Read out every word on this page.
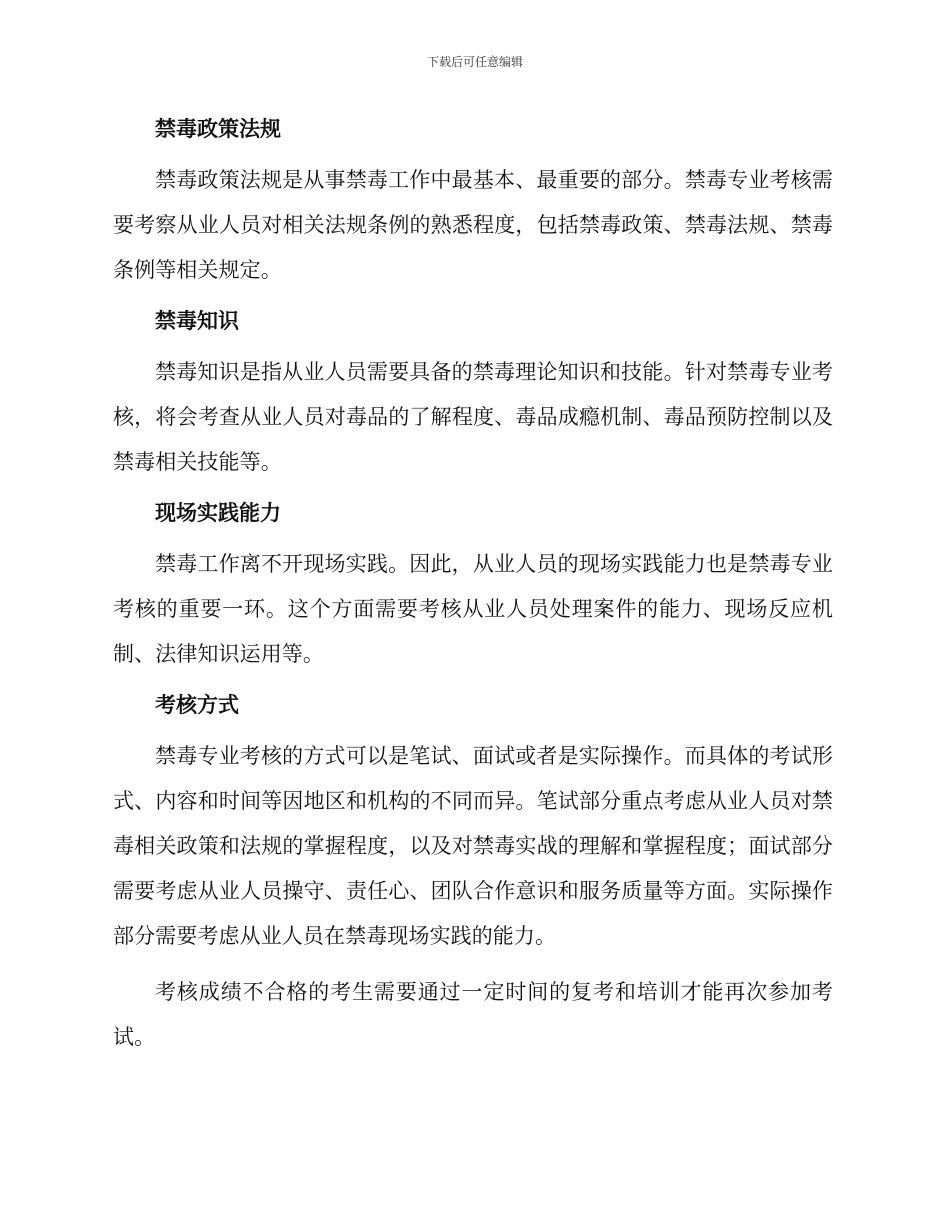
下载后可任意编辑

禁毒政策法规

禁毒政策法规是从事禁毒工作中最基本、最重要的部分。禁毒专业考核需要考察从业人员对相关法规条例的熟悉程度，包括禁毒政策、禁毒法规、禁毒条例等相关规定。

禁毒知识

禁毒知识是指从业人员需要具备的禁毒理论知识和技能。针对禁毒专业考核，将会考查从业人员对毒品的了解程度、毒品成瘾机制、毒品预防控制以及禁毒相关技能等。

现场实践能力

禁毒工作离不开现场实践。因此，从业人员的现场实践能力也是禁毒专业考核的重要一环。这个方面需要考核从业人员处理案件的能力、现场反应机制、法律知识运用等。

考核方式

禁毒专业考核的方式可以是笔试、面试或者是实际操作。而具体的考试形式、内容和时间等因地区和机构的不同而异。笔试部分重点考虑从业人员对禁毒相关政策和法规的掌握程度，以及对禁毒实战的理解和掌握程度；面试部分需要考虑从业人员操守、责任心、团队合作意识和服务质量等方面。实际操作部分需要考虑从业人员在禁毒现场实践的能力。

考核成绩不合格的考生需要通过一定时间的复考和培训才能再次参加考试。
